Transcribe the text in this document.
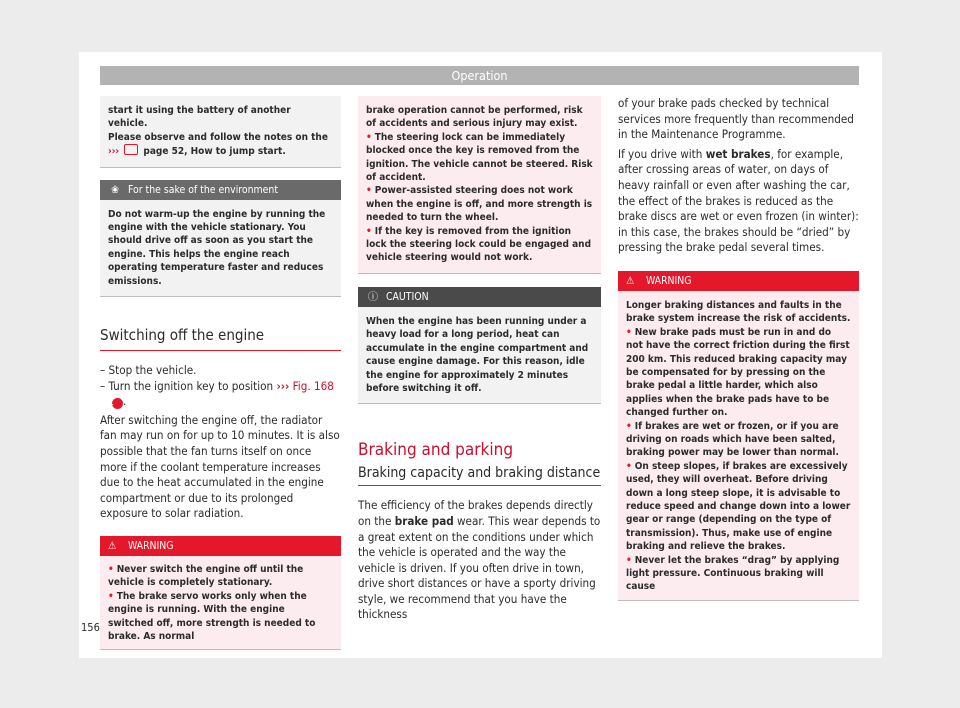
Operation
start it using the battery of another vehicle.
Please observe and follow the notes on the
››› page 52, How to jump start.
❀ For the sake of the environment
Do not warm-up the engine by running the engine with the vehicle stationary. You should drive off as soon as you start the engine. This helps the engine reach operating temperature faster and reduces emissions.
Switching off the engine
– Stop the vehicle.
– Turn the ignition key to position ››› Fig. 168
1 .
After switching the engine off, the radiator fan may run on for up to 10 minutes. It is also possible that the fan turns itself on once more if the coolant temperature increases due to the heat accumulated in the engine compartment or due to its prolonged exposure to solar radiation.
⚠ WARNING
• Never switch the engine off until the vehicle is completely stationary.
• The brake servo works only when the engine is running. With the engine switched off, more strength is needed to brake. As normal
brake operation cannot be performed, risk of accidents and serious injury may exist.
• The steering lock can be immediately blocked once the key is removed from the ignition. The vehicle cannot be steered. Risk of accident.
• Power-assisted steering does not work when the engine is off, and more strength is needed to turn the wheel.
• If the key is removed from the ignition lock the steering lock could be engaged and vehicle steering would not work.
ⓘ CAUTION
When the engine has been running under a heavy load for a long period, heat can accumulate in the engine compartment and cause engine damage. For this reason, idle the engine for approximately 2 minutes before switching it off.
Braking and parking
Braking capacity and braking distance
The efficiency of the brakes depends directly on the brake pad wear. This wear depends to a great extent on the conditions under which the vehicle is operated and the way the vehicle is driven. If you often drive in town, drive short distances or have a sporty driving style, we recommend that you have the thickness
of your brake pads checked by technical services more frequently than recommended in the Maintenance Programme.
If you drive with wet brakes, for example, after crossing areas of water, on days of heavy rainfall or even after washing the car, the effect of the brakes is reduced as the brake discs are wet or even frozen (in winter): in this case, the brakes should be “dried” by pressing the brake pedal several times.
⚠ WARNING
Longer braking distances and faults in the brake system increase the risk of accidents.
• New brake pads must be run in and do not have the correct friction during the first 200 km. This reduced braking capacity may be compensated for by pressing on the brake pedal a little harder, which also applies when the brake pads have to be changed further on.
• If brakes are wet or frozen, or if you are driving on roads which have been salted, braking power may be lower than normal.
• On steep slopes, if brakes are excessively used, they will overheat. Before driving down a long steep slope, it is advisable to reduce speed and change down into a lower gear or range (depending on the type of transmission). Thus, make use of engine braking and relieve the brakes.
• Never let the brakes “drag” by applying light pressure. Continuous braking will cause
156
